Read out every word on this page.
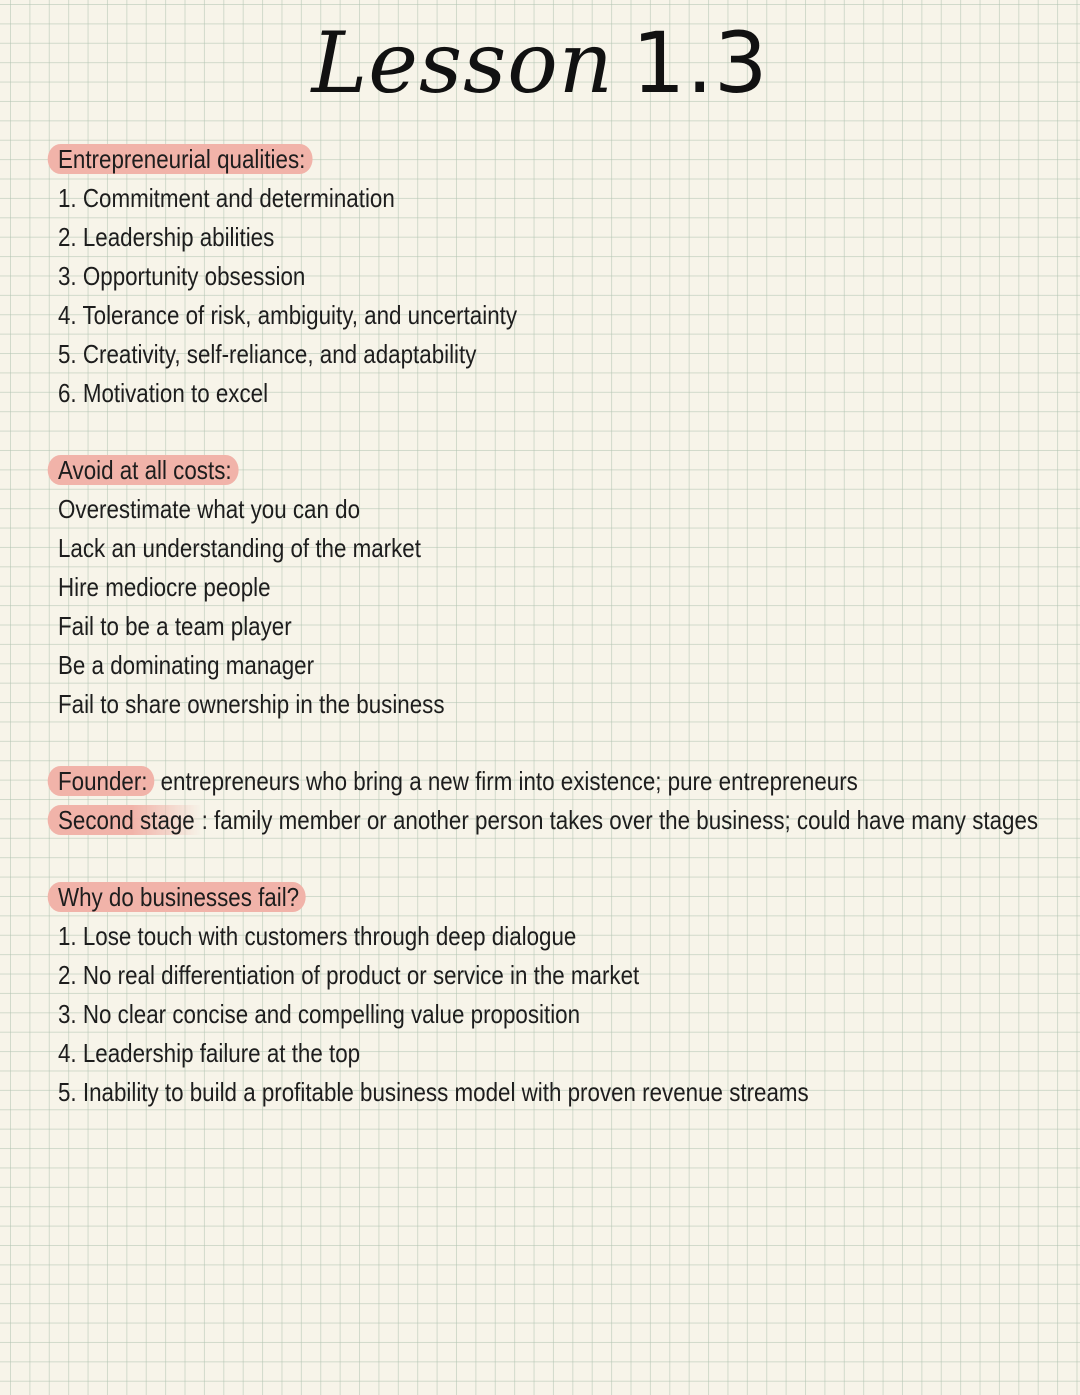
Lesson 1.3
Entrepreneurial qualities:
1. Commitment and determination
2. Leadership abilities
3. Opportunity obsession
4. Tolerance of risk, ambiguity, and uncertainty
5. Creativity, self-reliance, and adaptability
6. Motivation to excel
Avoid at all costs:
Overestimate what you can do
Lack an understanding of the market
Hire mediocre people
Fail to be a team player
Be a dominating manager
Fail to share ownership in the business
Founder: entrepreneurs who bring a new firm into existence; pure entrepreneurs
Second stage : family member or another person takes over the business; could have many stages
Why do businesses fail?
1. Lose touch with customers through deep dialogue
2. No real differentiation of product or service in the market
3. No clear concise and compelling value proposition
4. Leadership failure at the top
5. Inability to build a profitable business model with proven revenue streams
